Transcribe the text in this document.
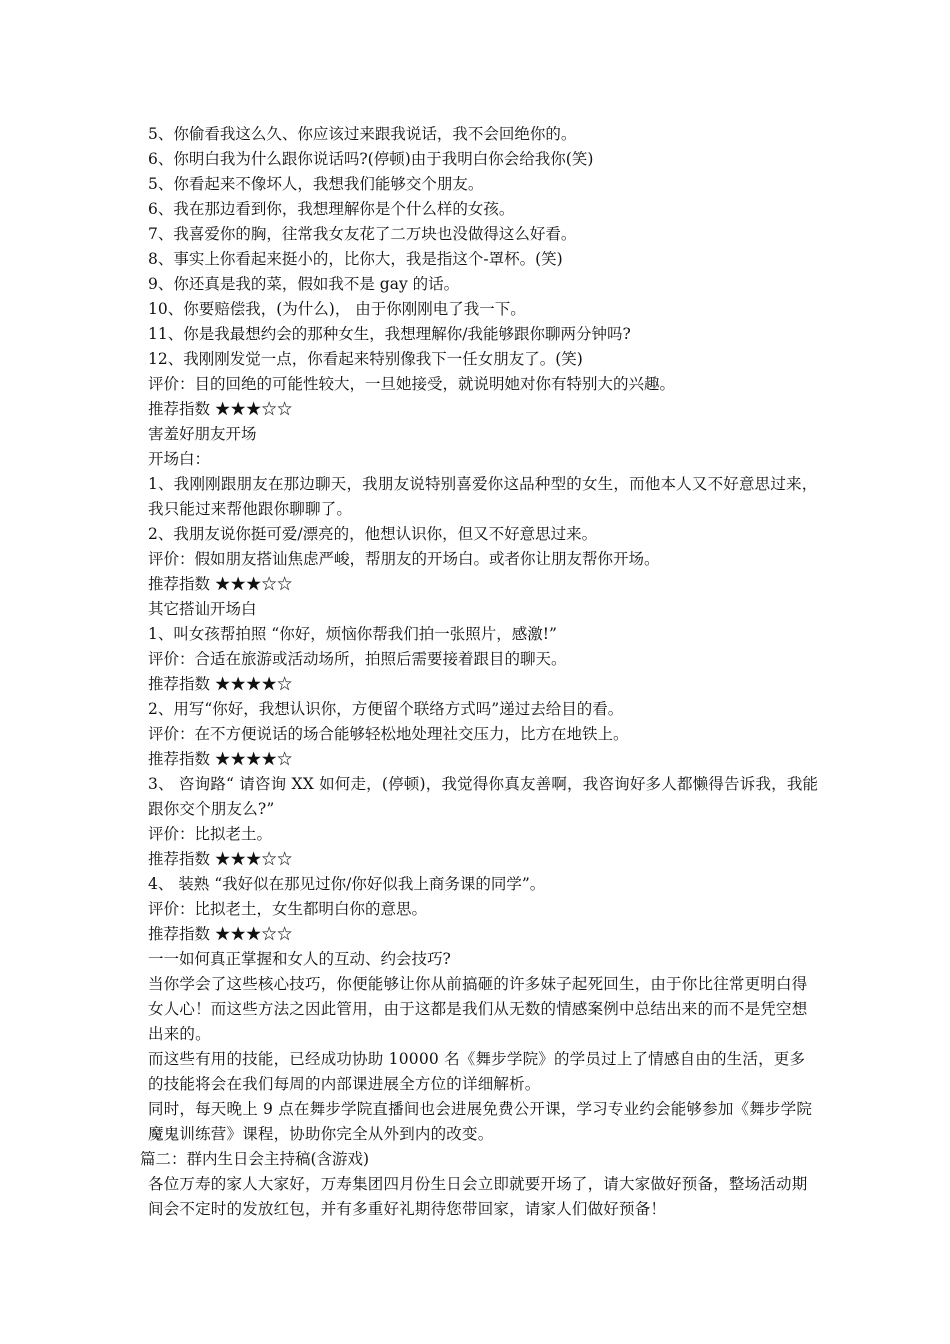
5、你偷看我这么久、你应该过来跟我说话，我不会回绝你的。
6、你明白我为什么跟你说话吗?(停顿)由于我明白你会给我你(笑)
5、你看起来不像坏人，我想我们能够交个朋友。
6、我在那边看到你，我想理解你是个什么样的女孩。
7、我喜爱你的胸，往常我女友花了二万块也没做得这么好看。
8、事实上你看起来挺小的，比你大，我是指这个-罩杯。(笑)
9、你还真是我的菜，假如我不是 gay 的话。
10、你要赔偿我，(为什么)， 由于你刚刚电了我一下。
11、你是我最想约会的那种女生，我想理解你/我能够跟你聊两分钟吗?
12、我刚刚发觉一点，你看起来特别像我下一任女朋友了。(笑)
评价：目的回绝的可能性较大，一旦她接受，就说明她对你有特别大的兴趣。
推荐指数 ★★★☆☆
害羞好朋友开场
开场白：
1、我刚刚跟朋友在那边聊天，我朋友说特别喜爱你这品种型的女生，而他本人又不好意思过来，我只能过来帮他跟你聊聊了。
2、我朋友说你挺可爱/漂亮的，他想认识你，但又不好意思过来。
评价：假如朋友搭讪焦虑严峻，帮朋友的开场白。或者你让朋友帮你开场。
推荐指数 ★★★☆☆
其它搭讪开场白
1、叫女孩帮拍照 “你好，烦恼你帮我们拍一张照片，感激!”
评价：合适在旅游或活动场所，拍照后需要接着跟目的聊天。
推荐指数 ★★★★☆
2、用写“你好，我想认识你，方便留个联络方式吗”递过去给目的看。
评价：在不方便说话的场合能够轻松地处理社交压力，比方在地铁上。
推荐指数 ★★★★☆
3、 咨询路“ 请咨询 XX 如何走，(停顿)，我觉得你真友善啊，我咨询好多人都懒得告诉我，我能跟你交个朋友么?”
评价：比拟老土。
推荐指数 ★★★☆☆
4、 装熟 “我好似在那见过你/你好似我上商务课的同学”。
评价：比拟老土，女生都明白你的意思。
推荐指数 ★★★☆☆
一一如何真正掌握和女人的互动、约会技巧?
当你学会了这些核心技巧，你便能够让你从前搞砸的许多妹子起死回生，由于你比往常更明白得女人心！而这些方法之因此管用，由于这都是我们从无数的情感案例中总结出来的而不是凭空想出来的。
而这些有用的技能，已经成功协助 10000 名《舞步学院》的学员过上了情感自由的生活，更多的技能将会在我们每周的内部课进展全方位的详细解析。
同时，每天晚上 9 点在舞步学院直播间也会进展免费公开课，学习专业约会能够参加《舞步学院魔鬼训练营》课程，协助你完全从外到内的改变。
篇二：群内生日会主持稿(含游戏)
各位万寿的家人大家好，万寿集团四月份生日会立即就要开场了，请大家做好预备，整场活动期间会不定时的发放红包，并有多重好礼期待您带回家，请家人们做好预备！
